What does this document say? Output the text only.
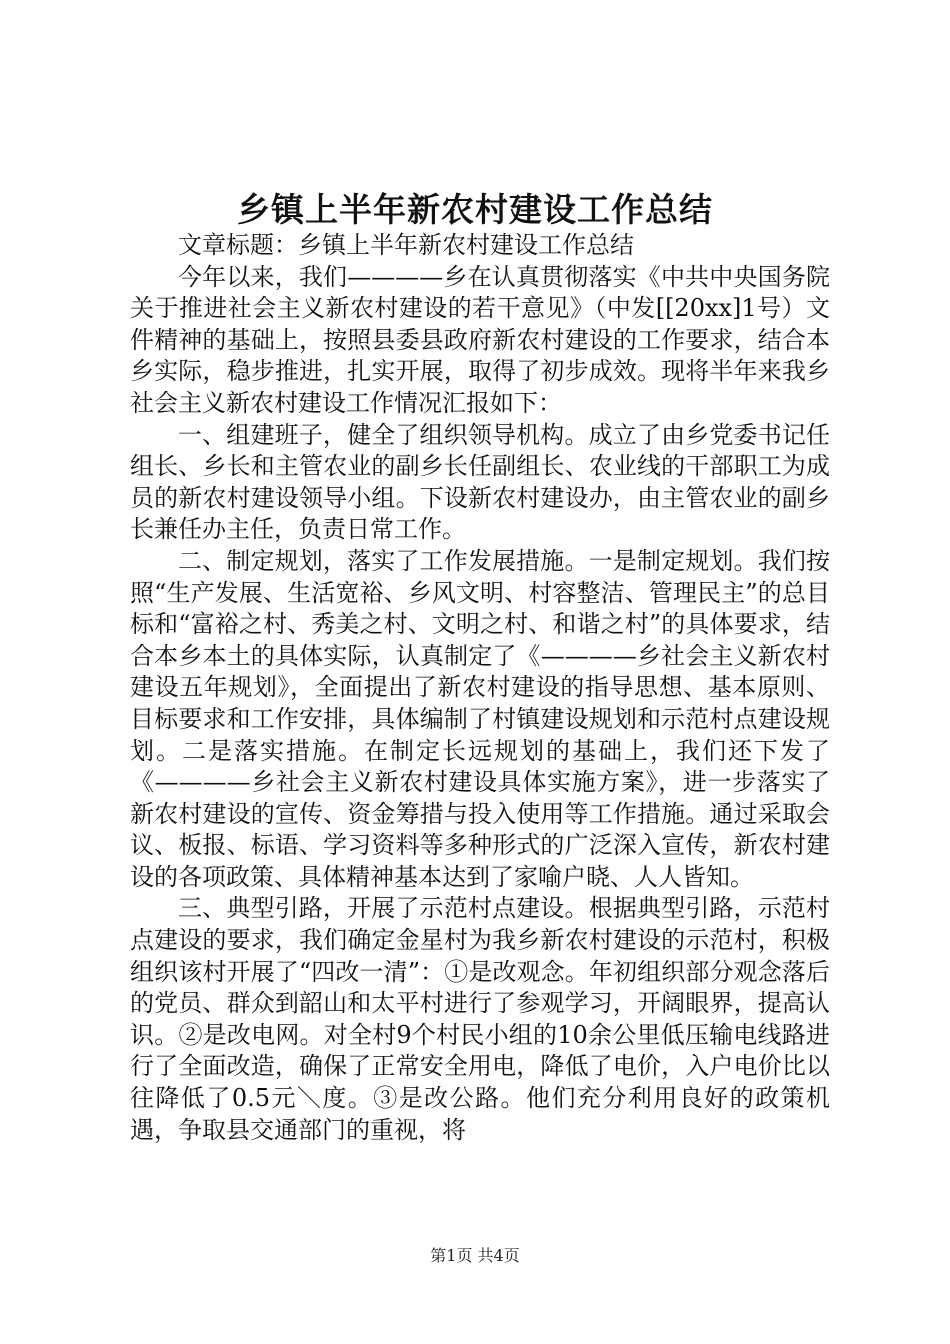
乡镇上半年新农村建设工作总结

文章标题：乡镇上半年新农村建设工作总结

今年以来，我们————乡在认真贯彻落实《中共中央国务院关于推进社会主义新农村建设的若干意见》（中发[[20xx]1号）文件精神的基础上，按照县委县政府新农村建设的工作要求，结合本乡实际，稳步推进，扎实开展，取得了初步成效。现将半年来我乡社会主义新农村建设工作情况汇报如下：

一、组建班子，健全了组织领导机构。成立了由乡党委书记任组长、乡长和主管农业的副乡长任副组长、农业线的干部职工为成员的新农村建设领导小组。下设新农村建设办，由主管农业的副乡长兼任办主任，负责日常工作。

二、制定规划，落实了工作发展措施。一是制定规划。我们按照“生产发展、生活宽裕、乡风文明、村容整洁、管理民主”的总目标和“富裕之村、秀美之村、文明之村、和谐之村”的具体要求，结合本乡本土的具体实际，认真制定了《————乡社会主义新农村建设五年规划》，全面提出了新农村建设的指导思想、基本原则、目标要求和工作安排，具体编制了村镇建设规划和示范村点建设规划。二是落实措施。在制定长远规划的基础上，我们还下发了《————乡社会主义新农村建设具体实施方案》，进一步落实了新农村建设的宣传、资金筹措与投入使用等工作措施。通过采取会议、板报、标语、学习资料等多种形式的广泛深入宣传，新农村建设的各项政策、具体精神基本达到了家喻户晓、人人皆知。

三、典型引路，开展了示范村点建设。根据典型引路，示范村点建设的要求，我们确定金星村为我乡新农村建设的示范村，积极组织该村开展了“四改一清”：①是改观念。年初组织部分观念落后的党员、群众到韶山和太平村进行了参观学习，开阔眼界，提高认识。②是改电网。对全村9个村民小组的10余公里低压输电线路进行了全面改造，确保了正常安全用电，降低了电价，入户电价比以往降低了0.5元＼度。③是改公路。他们充分利用良好的政策机遇，争取县交通部门的重视，将

第1页 共4页
